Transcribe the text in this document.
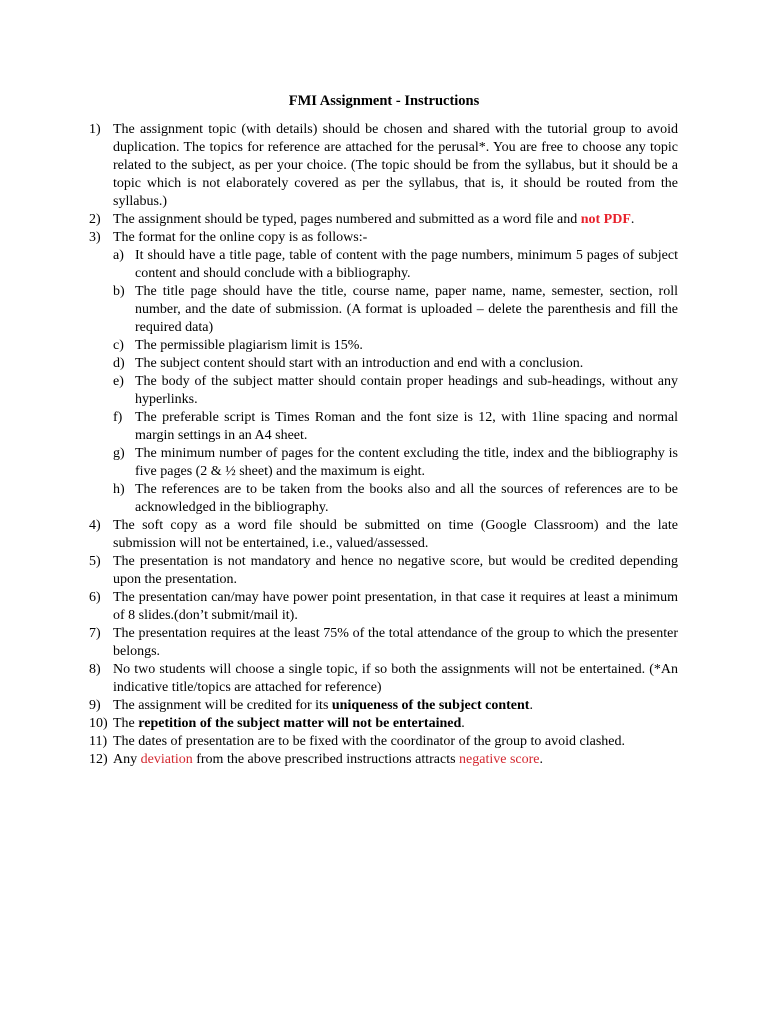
FMI Assignment - Instructions
1) The assignment topic (with details) should be chosen and shared with the tutorial group to avoid duplication. The topics for reference are attached for the perusal*. You are free to choose any topic related to the subject, as per your choice. (The topic should be from the syllabus, but it should be a topic which is not elaborately covered as per the syllabus, that is, it should be routed from the syllabus.)
2) The assignment should be typed, pages numbered and submitted as a word file and not PDF.
3) The format for the online copy is as follows:-
a) It should have a title page, table of content with the page numbers, minimum 5 pages of subject content and should conclude with a bibliography.
b) The title page should have the title, course name, paper name, name, semester, section, roll number, and the date of submission. (A format is uploaded – delete the parenthesis and fill the required data)
c) The permissible plagiarism limit is 15%.
d) The subject content should start with an introduction and end with a conclusion.
e) The body of the subject matter should contain proper headings and sub-headings, without any hyperlinks.
f) The preferable script is Times Roman and the font size is 12, with 1line spacing and normal margin settings in an A4 sheet.
g) The minimum number of pages for the content excluding the title, index and the bibliography is five pages (2 & ½ sheet) and the maximum is eight.
h) The references are to be taken from the books also and all the sources of references are to be acknowledged in the bibliography.
4) The soft copy as a word file should be submitted on time (Google Classroom) and the late submission will not be entertained, i.e., valued/assessed.
5) The presentation is not mandatory and hence no negative score, but would be credited depending upon the presentation.
6) The presentation can/may have power point presentation, in that case it requires at least a minimum of 8 slides.(don’t submit/mail it).
7) The presentation requires at the least 75% of the total attendance of the group to which the presenter belongs.
8) No two students will choose a single topic, if so both the assignments will not be entertained. (*An indicative title/topics are attached for reference)
9) The assignment will be credited for its uniqueness of the subject content.
10) The repetition of the subject matter will not be entertained.
11) The dates of presentation are to be fixed with the coordinator of the group to avoid clashed.
12) Any deviation from the above prescribed instructions attracts negative score.
